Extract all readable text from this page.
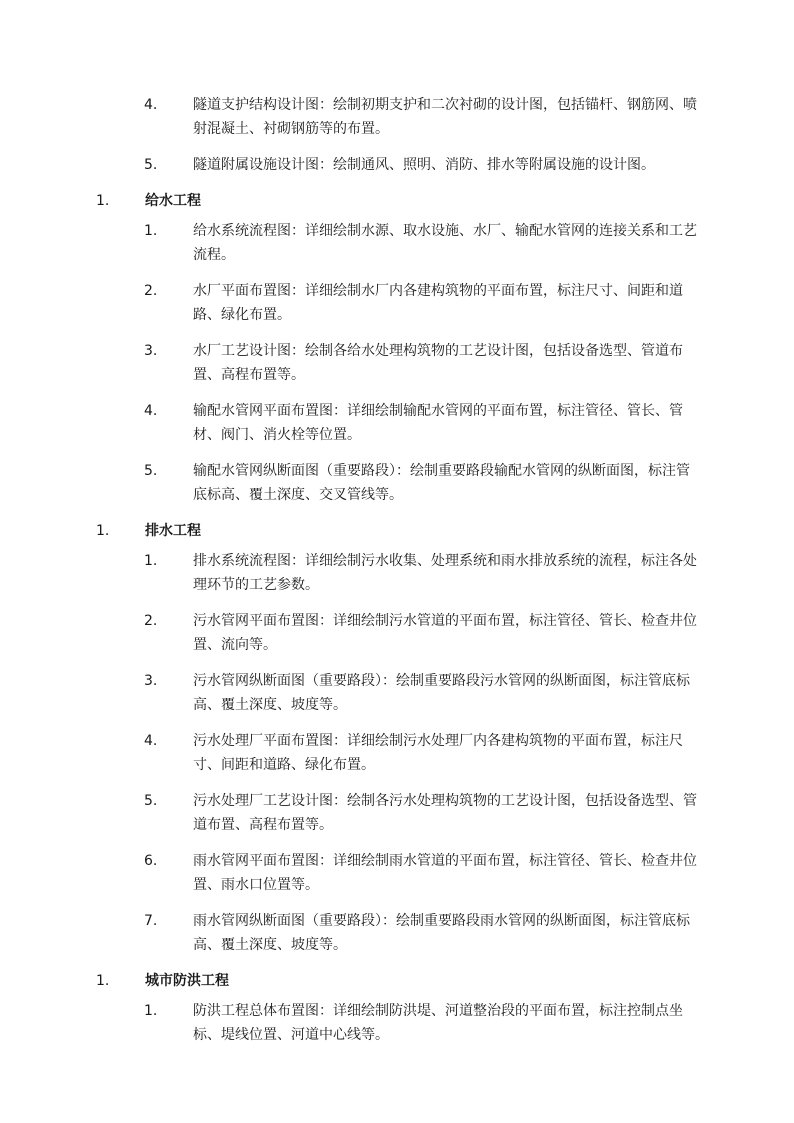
4.	隧道支护结构设计图：绘制初期支护和二次衬砌的设计图，包括锚杆、钢筋网、喷射混凝土、衬砌钢筋等的布置。
5.	隧道附属设施设计图：绘制通风、照明、消防、排水等附属设施的设计图。
1.	给水工程
1.	给水系统流程图：详细绘制水源、取水设施、水厂、输配水管网的连接关系和工艺流程。
2.	水厂平面布置图：详细绘制水厂内各建构筑物的平面布置，标注尺寸、间距和道路、绿化布置。
3.	水厂工艺设计图：绘制各给水处理构筑物的工艺设计图，包括设备选型、管道布置、高程布置等。
4.	输配水管网平面布置图：详细绘制输配水管网的平面布置，标注管径、管长、管材、阀门、消火栓等位置。
5.	输配水管网纵断面图（重要路段）：绘制重要路段输配水管网的纵断面图，标注管底标高、覆土深度、交叉管线等。
1.	排水工程
1.	排水系统流程图：详细绘制污水收集、处理系统和雨水排放系统的流程，标注各处理环节的工艺参数。
2.	污水管网平面布置图：详细绘制污水管道的平面布置，标注管径、管长、检查井位置、流向等。
3.	污水管网纵断面图（重要路段）：绘制重要路段污水管网的纵断面图，标注管底标高、覆土深度、坡度等。
4.	污水处理厂平面布置图：详细绘制污水处理厂内各建构筑物的平面布置，标注尺寸、间距和道路、绿化布置。
5.	污水处理厂工艺设计图：绘制各污水处理构筑物的工艺设计图，包括设备选型、管道布置、高程布置等。
6.	雨水管网平面布置图：详细绘制雨水管道的平面布置，标注管径、管长、检查井位置、雨水口位置等。
7.	雨水管网纵断面图（重要路段）：绘制重要路段雨水管网的纵断面图，标注管底标高、覆土深度、坡度等。
1.	城市防洪工程
1.	防洪工程总体布置图：详细绘制防洪堤、河道整治段的平面布置，标注控制点坐标、堤线位置、河道中心线等。
